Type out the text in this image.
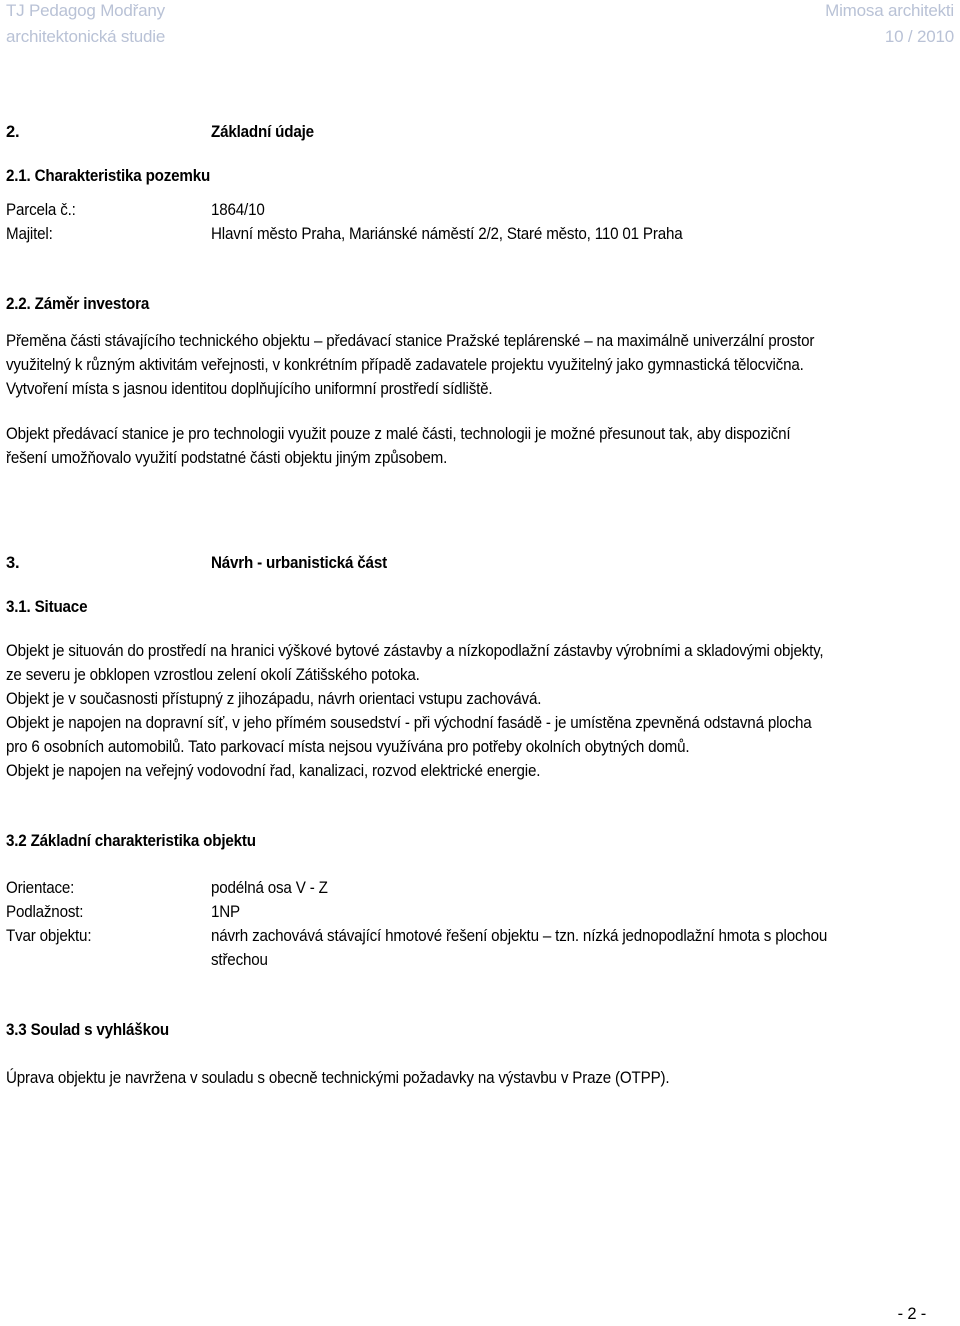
TJ Pedagog Modřany
architektonická studie
Mimosa architekti
10 / 2010
2.	Základní údaje
2.1. Charakteristika pozemku
Parcela č.:	1864/10
Majitel:	Hlavní město Praha, Mariánské náměstí 2/2, Staré město, 110 01 Praha
2.2. Záměr investora
Přeměna části stávajícího technického objektu – předávací stanice Pražské teplárenské – na maximálně univerzální prostor
využitelný k různým aktivitám veřejnosti, v konkrétním případě zadavatele projektu využitelný jako gymnastická tělocvična.
Vytvoření místa s jasnou identitou doplňujícího uniformní prostředí sídliště.
Objekt předávací stanice je pro technologii využit pouze z malé části, technologii je možné přesunout tak, aby dispoziční
řešení umožňovalo využití podstatné části objektu jiným způsobem.
3.	Návrh - urbanistická část
3.1. Situace
Objekt je situován do prostředí na hranici výškové bytové zástavby a nízkopodlažní zástavby výrobními a skladovými objekty,
ze severu je obklopen vzrostlou zelení okolí Zátišského potoka.
Objekt je v současnosti přístupný z jihozápadu, návrh orientaci vstupu zachovává.
Objekt je napojen na dopravní síť, v jeho přímém sousedství - při východní fasádě - je umístěna zpevněná odstavná plocha
pro 6 osobních automobilů. Tato parkovací místa nejsou využívána pro potřeby okolních obytných domů.
Objekt je napojen na veřejný vodovodní řad, kanalizaci, rozvod elektrické energie.
3.2 Základní charakteristika objektu
Orientace:	podélná osa V - Z
Podlažnost:	1NP
Tvar objektu:	návrh zachovává stávající hmotové řešení objektu – tzn. nízká jednopodlažní hmota s plochou
střechou
3.3 Soulad s vyhláškou
Úprava objektu je navržena v souladu s obecně technickými požadavky na výstavbu v Praze (OTPP).
- 2 -
